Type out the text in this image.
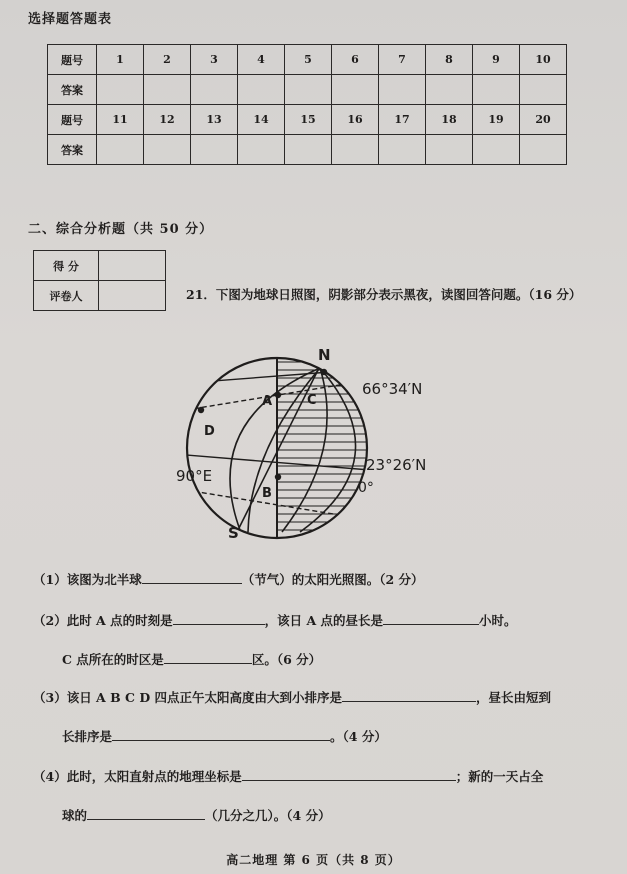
选择题答题表
题号	1	2	3	4	5	6	7	8	9	10
答案										
题号	11	12	13	14	15	16	17	18	19	20
答案										
二、综合分析题（共 50 分）
得 分	
评卷人		21．下图为地球日照图，阴影部分表示黑夜，读图回答问题。（16 分）
N
S
A	C
D
B
66°34′N
23°26′N
0°
90°E
（1）该图为北半球	（节气）的太阳光照图。（2 分）
（2）此时 A 点的时刻是	，该日 A 点的昼长是	小时。
C 点所在的时区是	区。（6 分）
（3）该日 A B C D 四点正午太阳高度由大到小排序是	，昼长由短到
长排序是	。（4 分）
（4）此时，太阳直射点的地理坐标是	；新的一天占全
球的	（几分之几）。（4 分）
高二地理 第 6 页（共 8 页）
